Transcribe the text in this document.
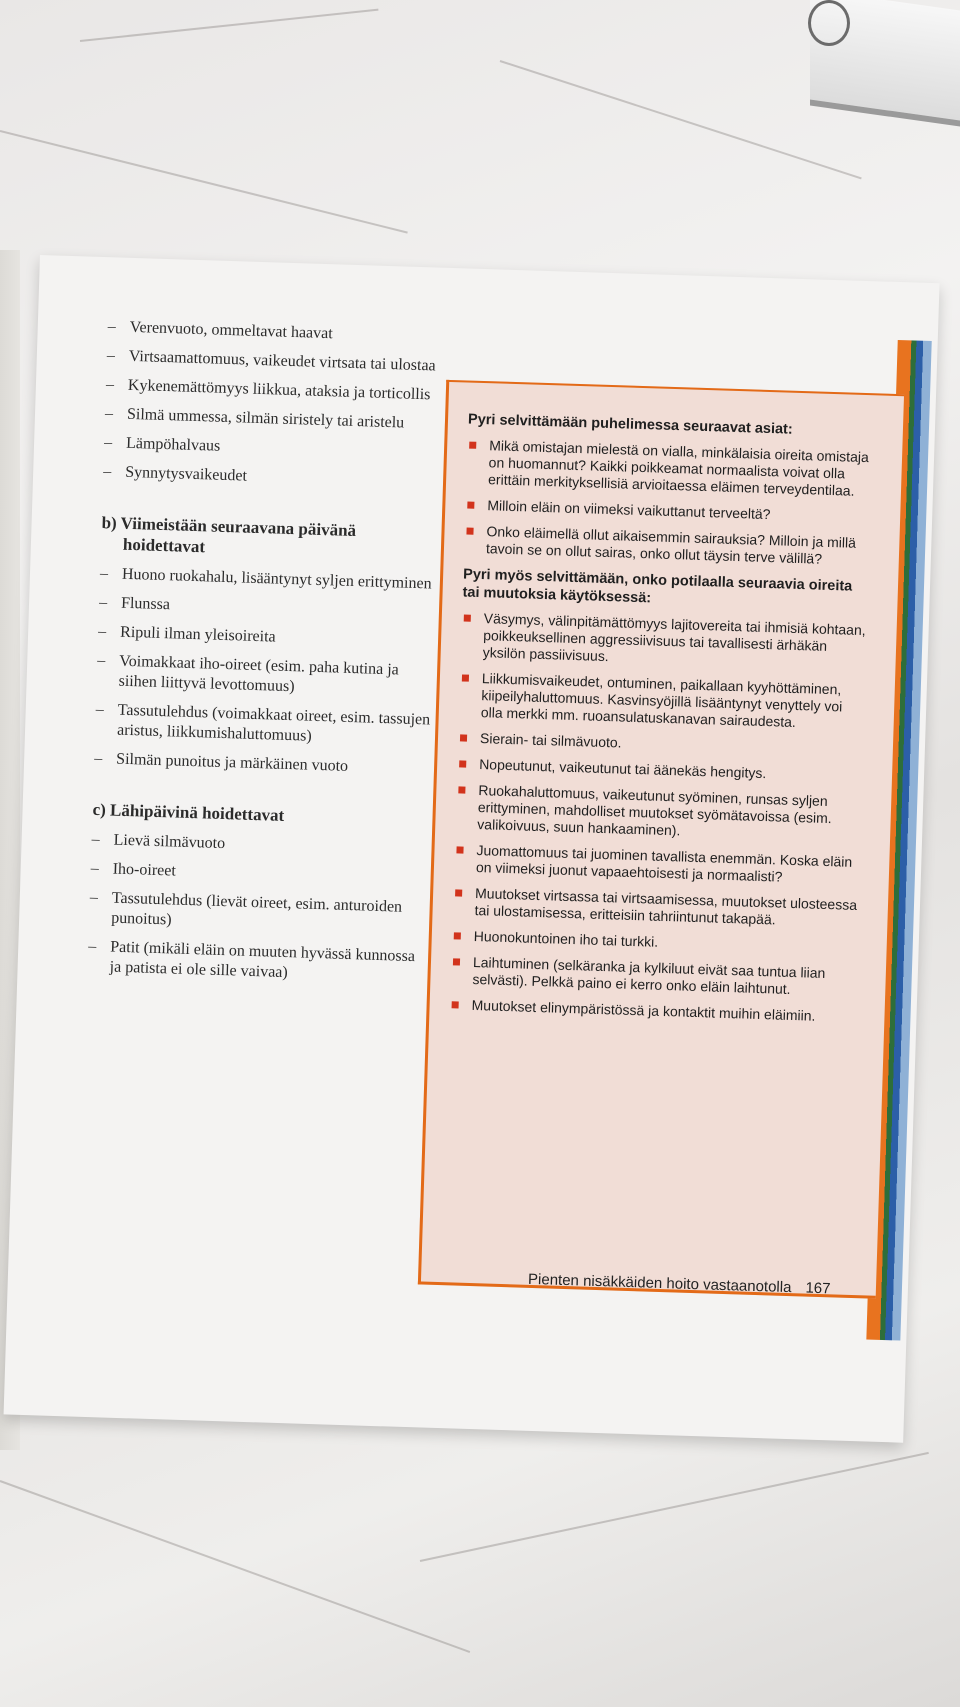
– Verenvuoto, ommeltavat haavat
– Virtsaamattomuus, vaikeudet virtsata tai ulostaa
– Kykenemättömyys liikkua, ataksia ja torticollis
– Silmä ummessa, silmän siristely tai aristelu
– Lämpöhalvaus
– Synnytysvaikeudet
b) Viimeistään seuraavana päivänä hoidettavat
– Huono ruokahalu, lisääntynyt syljen erittyminen
– Flunssa
– Ripuli ilman yleisoireita
– Voimakkaat iho-oireet (esim. paha kutina ja siihen liittyvä levottomuus)
– Tassutulehdus (voimakkaat oireet, esim. tassujen aristus, liikkumishaluttomuus)
– Silmän punoitus ja märkäinen vuoto
c) Lähipäivinä hoidettavat
– Lievä silmävuoto
– Iho-oireet
– Tassutulehdus (lievät oireet, esim. anturoiden punoitus)
– Patit (mikäli eläin on muuten hyvässä kunnossa ja patista ei ole sille vaivaa)
Pyri selvittämään puhelimessa seuraavat asiat:
Mikä omistajan mielestä on vialla, minkälaisia oireita omistaja on huomannut? Kaikki poikkeamat normaalista voivat olla erittäin merkityksellisiä arvioitaessa eläimen terveydentilaa.
Milloin eläin on viimeksi vaikuttanut terveeltä?
Onko eläimellä ollut aikaisemmin sairauksia? Milloin ja millä tavoin se on ollut sairas, onko ollut täysin terve välillä?
Pyri myös selvittämään, onko potilaalla seuraavia oireita tai muutoksia käytöksessä:
Väsymys, välinpitämättömyys lajitovereita tai ihmisiä kohtaan, poikkeuksellinen aggressiivisuus tai tavallisesti ärhäkän yksilön passiivisuus.
Liikkumisvaikeudet, ontuminen, paikallaan kyyhöttäminen, kiipeilyhaluttomuus. Kasvinsyöjillä lisääntynyt venyttely voi olla merkki mm. ruoansulatuskanavan sairaudesta.
Sierain- tai silmävuoto.
Nopeutunut, vaikeutunut tai äänekäs hengitys.
Ruokahaluttomuus, vaikeutunut syöminen, runsas syljen erittyminen, mahdolliset muutokset syömätavoissa (esim. valikoivuus, suun hankaaminen).
Juomattomuus tai juominen tavallista enemmän. Koska eläin on viimeksi juonut vapaaehtoisesti ja normaalisti?
Muutokset virtsassa tai virtsaamisessa, muutokset ulosteessa tai ulostamisessa, eritteisiin tahriintunut takapää.
Huonokuntoinen iho tai turkki.
Laihtuminen (selkäranka ja kylkiluut eivät saa tuntua liian selvästi). Pelkkä paino ei kerro onko eläin laihtunut.
Muutokset elinympäristössä ja kontaktit muihin eläimiin.
Pienten nisäkkäiden hoito vastaanotolla 167
